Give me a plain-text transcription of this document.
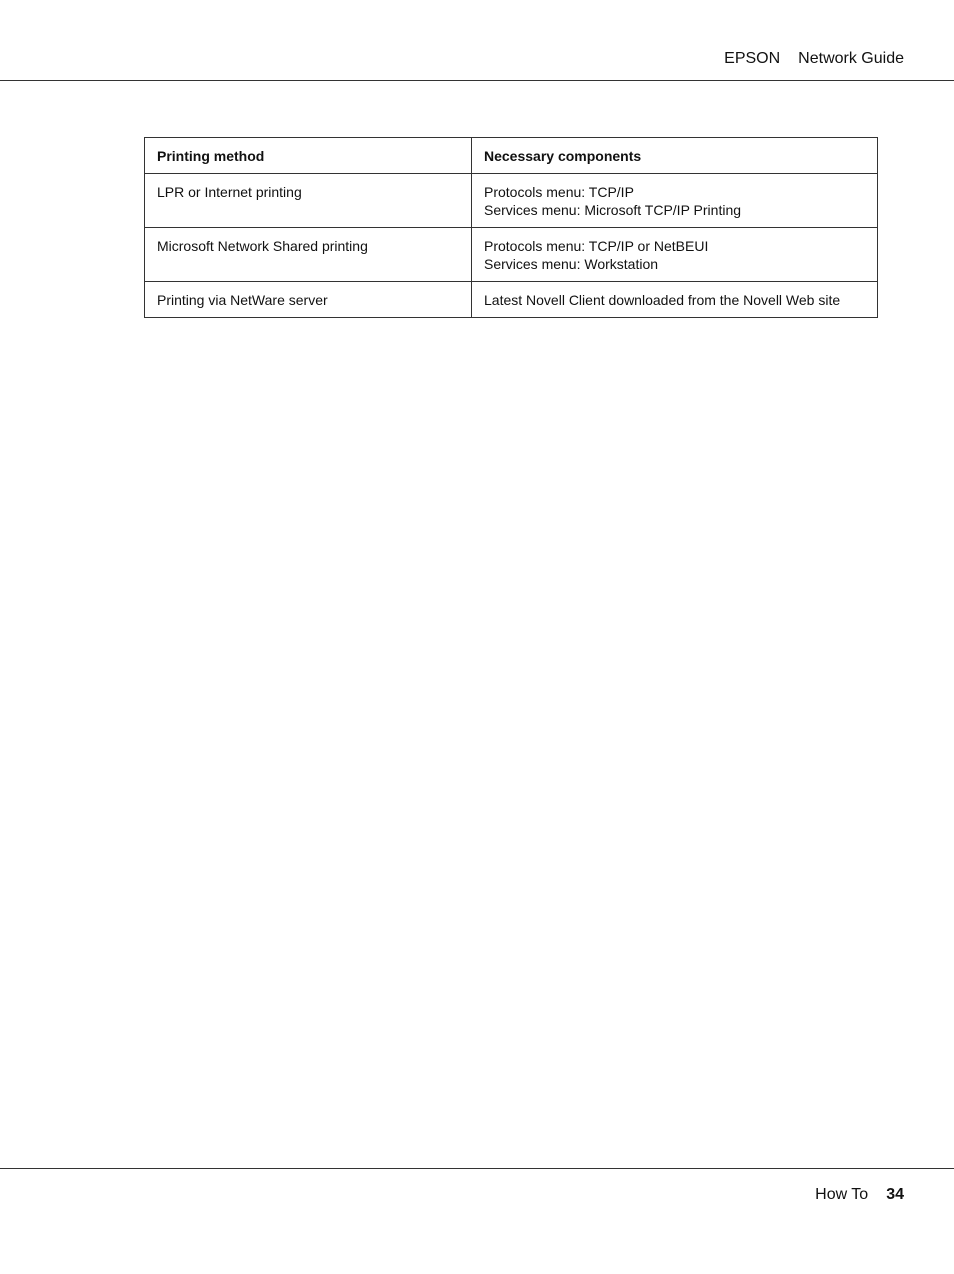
EPSON Network Guide
Printing method	Necessary components
LPR or Internet printing	Protocols menu: TCP/IP
Services menu: Microsoft TCP/IP Printing

Microsoft Network Shared printing	Protocols menu: TCP/IP or NetBEUI
Services menu: Workstation

Printing via NetWare server	Latest Novell Client downloaded from the Novell Web site
How To 34
